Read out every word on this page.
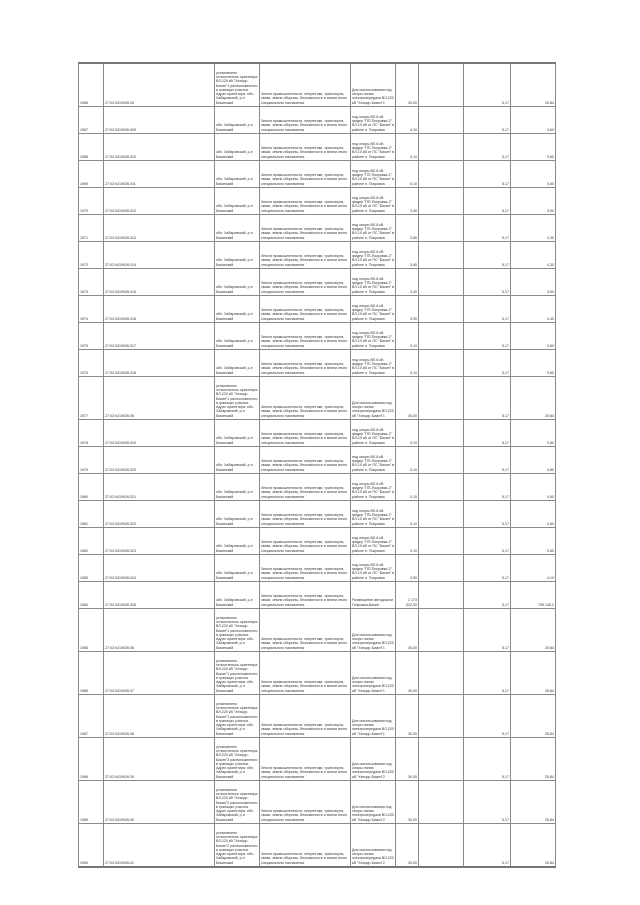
1966	27:02:0410926:34	установлено относительно ориентира ВЛ-220 кВ "Хехцир-Бикин"1 расположенного в границах участка. Адрес ориентира: обл. Хабаровский, р-н Бикинский	Земли промышленности, энергетики, транспорта, связи, земли обороны, безопасности и земли иного специального назначения	Для использования под опоры линии электропередачи ВЛ-220 кВ "Хехцир-Бикин"1	30,00		5,17	25,84
1967	27:02:0410926:309	обл. Хабаровский, р-н Бикинский	Земли промышленности, энергетики, транспорта, связи, земли обороны, безопасности и земли иного специального назначения	под опоры ВЛ-6 кВ фидер "ПП-Покровка-2" ВЛ-10 кВ от ПС "Бикин" в районе п. Покровка	4,10		5,17	4,60
1968	27:02:0410926:310	обл. Хабаровский, р-н Бикинский	Земли промышленности, энергетики, транспорта, связи, земли обороны, безопасности и земли иного специального назначения	под опоры ВЛ-6 кВ фидер "ПП-Покровка-2" ВЛ-10 кВ от ПС "Бикин" в районе п. Покровка	0,10		5,17	0,60
1969	27:02:0410926:311	обл. Хабаровский, р-н Бикинский	Земли промышленности, энергетики, транспорта, связи, земли обороны, безопасности и земли иного специального назначения	под опоры ВЛ-6 кВ фидер "ПП-Покровка-2" ВЛ-10 кВ от ПС "Бикин" в районе п. Покровка	0,10		5,17	0,60
1970	27:02:0410926:312	обл. Хабаровский, р-н Бикинский	Земли промышленности, энергетики, транспорта, связи, земли обороны, безопасности и земли иного специального назначения	под опоры ВЛ-6 кВ фидер "ПП-Покровка-2" ВЛ-10 кВ от ПС "Бикин" в районе п. Покровка	3,40		5,17	3,90
1971	27:02:0410926:313	обл. Хабаровский, р-н Бикинский	Земли промышленности, энергетики, транспорта, связи, земли обороны, безопасности и земли иного специального назначения	под опоры ВЛ-6 кВ фидер "ПП-Покровка-2" ВЛ-10 кВ от ПС "Бикин" в районе п. Покровка	3,80		5,17	4,30
1972	27:02:0410926:314	обл. Хабаровский, р-н Бикинский	Земли промышленности, энергетики, транспорта, связи, земли обороны, безопасности и земли иного специального назначения	под опоры ВЛ-6 кВ фидер "ПП-Покровка-2" ВЛ-10 кВ от ПС "Бикин" в районе п. Покровка	3,80		5,17	4,30
1973	27:02:0410926:315	обл. Хабаровский, р-н Бикинский	Земли промышленности, энергетики, транспорта, связи, земли обороны, безопасности и земли иного специального назначения	под опоры ВЛ-6 кВ фидер "ПП-Покровка-2" ВЛ-10 кВ от ПС "Бикин" в районе п. Покровка	3,40		5,17	3,90
1974	27:02:0410926:316	обл. Хабаровский, р-н Бикинский	Земли промышленности, энергетики, транспорта, связи, земли обороны, безопасности и земли иного специального назначения	под опоры ВЛ-6 кВ фидер "ПП-Покровка-2" ВЛ-10 кВ от ПС "Бикин" в районе п. Покровка	3,90		5,17	4,40
1975	27:02:0410926:317	обл. Хабаровский, р-н Бикинский	Земли промышленности, энергетики, транспорта, связи, земли обороны, безопасности и земли иного специального назначения	под опоры ВЛ-6 кВ фидер "ПП-Покровка-2" ВЛ-10 кВ от ПС "Бикин" в районе п. Покровка	0,10		5,17	0,60
1976	27:02:0410926:318	обл. Хабаровский, р-н Бикинский	Земли промышленности, энергетики, транспорта, связи, земли обороны, безопасности и земли иного специального назначения	под опоры ВЛ-6 кВ фидер "ПП-Покровка-2" ВЛ-10 кВ от ПС "Бикин" в районе п. Покровка	0,10		5,17	0,60
1977	27:02:0410926:35	установлено относительно ориентира ВЛ-220 кВ "Хехцир-Бикин"1 расположенного в границах участка. Адрес ориентира: обл. Хабаровский, р-н Бикинский	Земли промышленности, энергетики, транспорта, связи, земли обороны, безопасности и земли иного специального назначения	Для использования под опоры линии электропередачи ВЛ-220 кВ "Хехцир-Бикин"1	30,00		5,17	25,84
1978	27:02:0410926:319	обл. Хабаровский, р-н Бикинский	Земли промышленности, энергетики, транспорта, связи, земли обороны, безопасности и земли иного специального назначения	под опоры ВЛ-6 кВ фидер "ПП-Покровка-2" ВЛ-10 кВ от ПС "Бикин" в районе п. Покровка	0,10		5,17	0,60
1979	27:02:0410926:320	обл. Хабаровский, р-н Бикинский	Земли промышленности, энергетики, транспорта, связи, земли обороны, безопасности и земли иного специального назначения	под опоры ВЛ-6 кВ фидер "ПП-Покровка-2" ВЛ-10 кВ от ПС "Бикин" в районе п. Покровка	0,10		5,17	0,60
1980	27:02:0410926:321	обл. Хабаровский, р-н Бикинский	Земли промышленности, энергетики, транспорта, связи, земли обороны, безопасности и земли иного специального назначения	под опоры ВЛ-6 кВ фидер "ПП-Покровка-2" ВЛ-10 кВ от ПС "Бикин" в районе п. Покровка	0,10		5,17	0,60
1981	27:02:0410926:322	обл. Хабаровский, р-н Бикинский	Земли промышленности, энергетики, транспорта, связи, земли обороны, безопасности и земли иного специального назначения	под опоры ВЛ-6 кВ фидер "ПП-Покровка-2" ВЛ-10 кВ от ПС "Бикин" в районе п. Покровка	0,10		5,17	0,60
1982	27:02:0410926:323	обл. Хабаровский, р-н Бикинский	Земли промышленности, энергетики, транспорта, связи, земли обороны, безопасности и земли иного специального назначения	под опоры ВЛ-6 кВ фидер "ПП-Покровка-2" ВЛ-10 кВ от ПС "Бикин" в районе п. Покровка	0,10		5,17	0,60
1983	27:02:0410926:324	обл. Хабаровский, р-н Бикинский	Земли промышленности, энергетики, транспорта, связи, земли обороны, безопасности и земли иного специального назначения	под опоры ВЛ-6 кВ фидер "ПП-Покровка-2" ВЛ-10 кВ от ПС "Бикин" в районе п. Покровка	3,50		5,17	4,10
1984	27:02:0410926:328	обл. Хабаровский, р-н Бикинский	Земли промышленности, энергетики, транспорта, связи, земли обороны, безопасности и земли иного специального назначения	Размещение автодороги Покровка-Бикин	1 173 022,00		5,17	755 145,2
1985	27:02:0410926:36	установлено относительно ориентира ВЛ-220 кВ "Хехцир-Бикин"1 расположенного в границах участка. Адрес ориентира: обл. Хабаровский, р-н Бикинский	Земли промышленности, энергетики, транспорта, связи, земли обороны, безопасности и земли иного специального назначения	Для использования под опоры линии электропередачи ВЛ-220 кВ "Хехцир-Бикин"1	30,00		5,17	25,84
1986	27:02:0410926:37	установлено относительно ориентира ВЛ-220 кВ "Хехцир-Бикин"1 расположенного в границах участка. Адрес ориентира: обл. Хабаровский, р-н Бикинский	Земли промышленности, энергетики, транспорта, связи, земли обороны, безопасности и земли иного специального назначения	Для использования под опоры линии электропередачи ВЛ-220 кВ "Хехцир-Бикин"1	30,00		5,17	25,84
1987	27:02:0410926:38	установлено относительно ориентира ВЛ-220 кВ "Хехцир-Бикин"1 расположенного в границах участка. Адрес ориентира: обл. Хабаровский, р-н Бикинский	Земли промышленности, энергетики, транспорта, связи, земли обороны, безопасности и земли иного специального назначения	Для использования под опоры линии электропередачи ВЛ-220 кВ "Хехцир-Бикин"1	30,00		5,17	25,84
1988	27:02:0410926:39	установлено относительно ориентира ВЛ-220 кВ "Хехцир-Бикин"2 расположенного в границах участка. Адрес ориентира: обл. Хабаровский, р-н Бикинский	Земли промышленности, энергетики, транспорта, связи, земли обороны, безопасности и земли иного специального назначения	Для использования под опоры линии электропередачи ВЛ-220 кВ "Хехцир-Бикин"2	30,00		5,17	25,84
1989	27:02:0410926:40	установлено относительно ориентира ВЛ-220 кВ "Хехцир-Бикин"2 расположенного в границах участка. Адрес ориентира: обл. Хабаровский, р-н Бикинский	Земли промышленности, энергетики, транспорта, связи, земли обороны, безопасности и земли иного специального назначения	Для использования под опоры линии электропередачи ВЛ-220 кВ "Хехцир-Бикин"2	30,00		5,17	25,84
1990	27:02:0410926:41	установлено относительно ориентира ВЛ-220 кВ "Хехцир-Бикин"2 расположенного в границах участка. Адрес ориентира: обл. Хабаровский, р-н Бикинский	Земли промышленности, энергетики, транспорта, связи, земли обороны, безопасности и земли иного специального назначения	Для использования под опоры линии электропередачи ВЛ-220 кВ "Хехцир-Бикин"2	30,00		5,17	25,84
